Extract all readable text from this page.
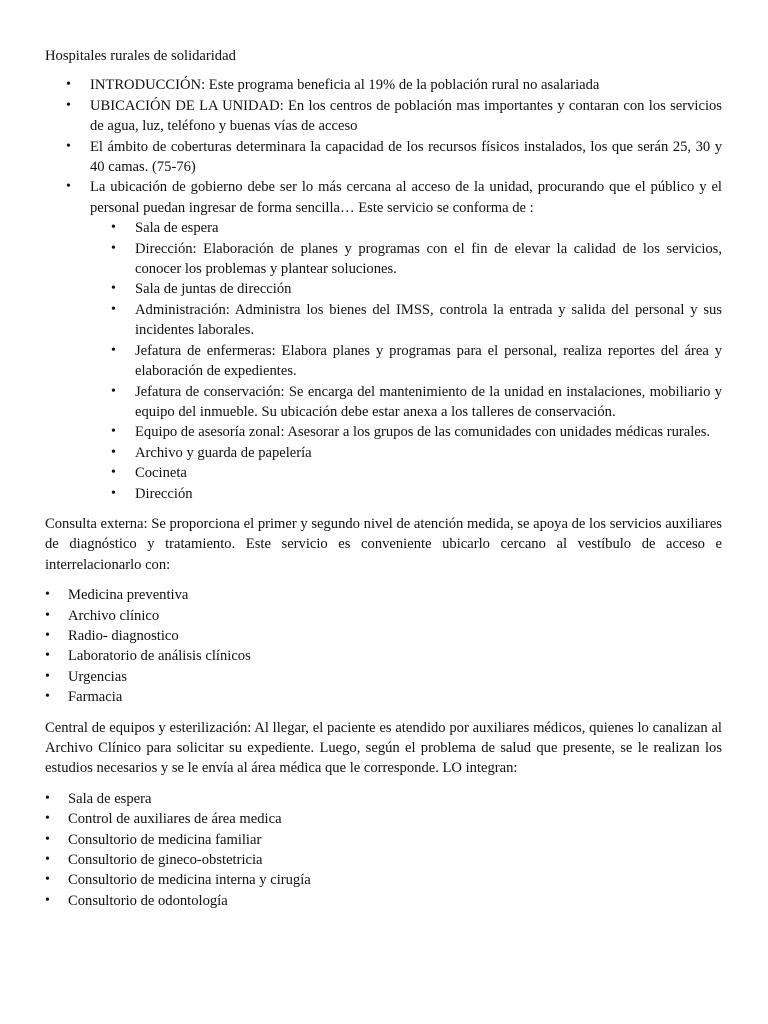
Hospitales rurales de solidaridad

• INTRODUCCIÓN: Este programa beneficia al 19% de la población rural no asalariada
• UBICACIÓN DE LA UNIDAD: En los centros de población mas importantes y contaran con los servicios de agua, luz, teléfono y buenas vías de acceso
• El ámbito de coberturas determinara la capacidad de los recursos físicos instalados, los que serán 25, 30 y 40 camas. (75-76)
• La ubicación de gobierno debe ser lo más cercana al acceso de la unidad, procurando que el público y el personal puedan ingresar de forma sencilla… Este servicio se conforma de :
• Sala de espera
• Dirección: Elaboración de planes y programas con el fin de elevar la calidad de los servicios, conocer los problemas y plantear soluciones.
• Sala de juntas de dirección
• Administración: Administra los bienes del IMSS, controla la entrada y salida del personal y sus incidentes laborales.
• Jefatura de enfermeras: Elabora planes y programas para el personal, realiza reportes del área y elaboración de expedientes.
• Jefatura de conservación: Se encarga del mantenimiento de la unidad en instalaciones, mobiliario y equipo del inmueble. Su ubicación debe estar anexa a los talleres de conservación.
• Equipo de asesoría zonal: Asesorar a los grupos de las comunidades con unidades médicas rurales.
• Archivo y guarda de papelería
• Cocineta
• Dirección

Consulta externa: Se proporciona el primer y segundo nivel de atención medida, se apoya de los servicios auxiliares de diagnóstico y tratamiento. Este servicio es conveniente ubicarlo cercano al vestíbulo de acceso e interrelacionarlo con:

• Medicina preventiva
• Archivo clínico
• Radio- diagnostico
• Laboratorio de análisis clínicos
• Urgencias
• Farmacia

Central de equipos y esterilización: Al llegar, el paciente es atendido por auxiliares médicos, quienes lo canalizan al Archivo Clínico para solicitar su expediente. Luego, según el problema de salud que presente, se le realizan los estudios necesarios y se le envía al área médica que le corresponde. LO integran:

• Sala de espera
• Control de auxiliares de área medica
• Consultorio de medicina familiar
• Consultorio de gineco-obstetricia
• Consultorio de medicina interna y cirugía
• Consultorio de odontología
